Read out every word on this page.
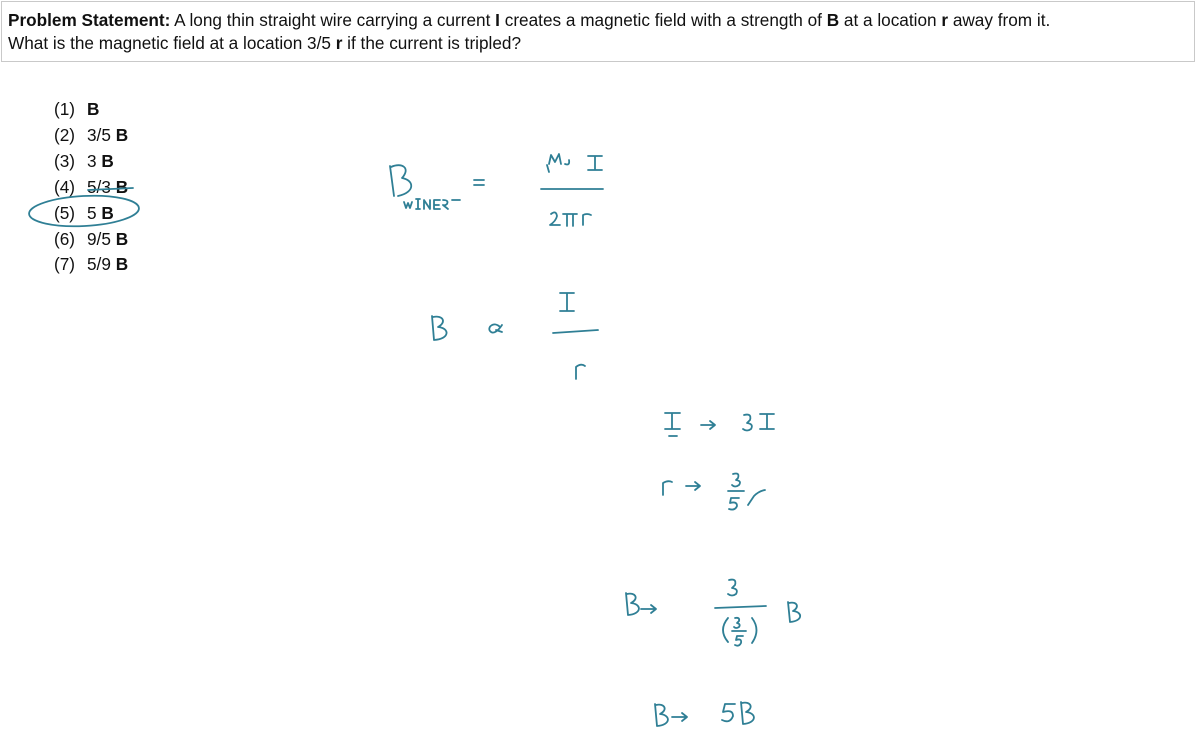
Problem Statement: A long thin straight wire carrying a current I creates a magnetic field with a strength of B at a location r away from it.
What is the magnetic field at a location 3/5 r if the current is tripled?
(1) B
(2) 3/5 B
(3) 3 B
(4) 5/3 B
(5) 5 B
(6) 9/5 B
(7) 5/9 B
